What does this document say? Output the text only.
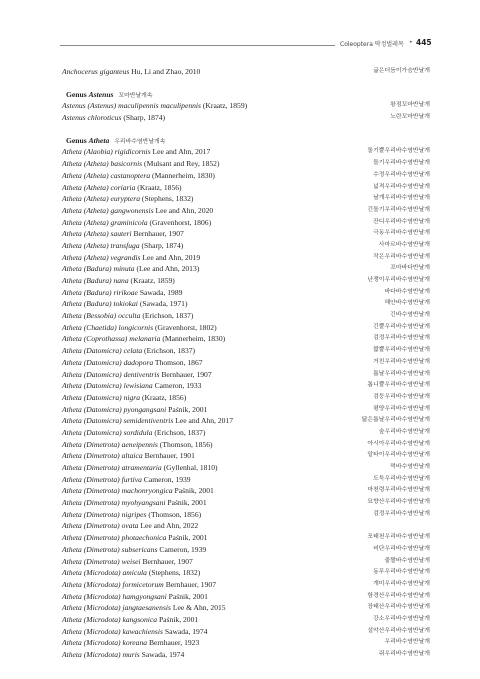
Coleoptera 딱정벌레목 • 445
Anchocerus giganteus Hu, Li and Zhao, 2010	긂은더듬이가슴반날개
Genus Astenus 꼬마반날개속
Astenus (Astenus) maculipennis maculipennis (Kraatz, 1859)	왕점꼬마반날개
Astenus chloroticus (Sharp, 1874)	노란꼬마반날개
Genus Atheta 우리바수염반날개속
Atheta (Alaobia) rigidicornis Lee and Ahn, 2017	돌기뿔우리바수염반날개
Atheta (Atheta) basicornis (Mulsant and Rey, 1852)	돌기우리바수염반날개
Atheta (Atheta) castanoptera (Mannerheim, 1830)	수정우리바수염반날개
Atheta (Atheta) coriaria (Kraatz, 1856)	넓적우리바수염반날개
Atheta (Atheta) euryptera (Stephens, 1832)	날개우리바수염반날개
Atheta (Atheta) gangwonensis Lee and Ahn, 2020	긴돌기우리바수염반날개
Atheta (Atheta) graminicola (Gravenhorst, 1806)	잔디우리바수염반날개
Atheta (Atheta) sauteri Bernhauer, 1907	극동우리바수염반날개
Atheta (Atheta) transfuga (Sharp, 1874)	사마르바수염반날개
Atheta (Atheta) vegrandis Lee and Ahn, 2019	작은우리바수염반날개
Atheta (Badura) minuta (Lee and Ahn, 2013)	꼬마바다반날개
Atheta (Badura) nana (Kraatz, 1859)	난쟁이우리바수염반날개
Atheta (Badura) ririkoae Sawada, 1989	바다바수염반날개
Atheta (Badura) tokiokai (Sawada, 1971)	해안바수염반날개
Atheta (Bessobia) occulta (Erichson, 1837)	긴바수염반날개
Atheta (Chaetida) longicornis (Gravenhorst, 1802)	긴뿔우리바수염반날개
Atheta (Coprothassa) melanaria (Mannerheim, 1830)	검정우리바수염반날개
Atheta (Datomicra) celata (Erichson, 1837)	짧뿔우리바수염반날개
Atheta (Datomicra) dadopora Thomson, 1867	거친우리바수염반날개
Atheta (Datomicra) dentiventris Bernhauer, 1907	톱날우리바수염반날개
Atheta (Datomicra) lewisiana Cameron, 1933	톱니뿔우리바수염반날개
Atheta (Datomicra) nigra (Kraatz, 1856)	검둥우리바수염반날개
Atheta (Datomicra) pyongangsani Paśnik, 2001	평양우리바수염반날개
Atheta (Datomicra) semidentiventris Lee and Ahn, 2017	닮은톱날우리바수염반날개
Atheta (Datomicra) sordidula (Erichson, 1837)	숲우리바수염반날개
Atheta (Dimetrota) aeneipennis (Thomson, 1856)	아시아우리바수염반날개
Atheta (Dimetrota) altaica Bernhauer, 1901	알타이우리바수염반날개
Atheta (Dimetrota) atramentaria (Gyllenhal, 1810)	먹바수염반날개
Atheta (Dimetrota) furtiva Cameron, 1939	도둑우리바수염반날개
Atheta (Dimetrota) machonryongica Paśnik, 2001	마천령우리바수염반날개
Atheta (Dimetrota) myohyangsani Paśnik, 2001	묘향산우리바수염반날개
Atheta (Dimetrota) nigripes (Thomson, 1856)	검정우리바수염반날개
Atheta (Dimetrota) ovata Lee and Ahn, 2022
Atheta (Dimetrota) photaechonica Paśnik, 2001	포태천우리바수염반날개
Atheta (Dimetrota) subsericans Cameron, 1939	비단우리바수염반날개
Atheta (Dimetrota) weisei Bernhauer, 1907	줄짤바수염반날개
Atheta (Microdota) amicula (Stephens, 1832)	동무우리바수염반날개
Atheta (Microdota) formicetorum Bernhauer, 1907	개미우리바수염반날개
Atheta (Microdota) hamgyongsani Paśnik, 2001	함경산우리바수염반날개
Atheta (Microdota) jangtaesanensis Lee & Ahn, 2015	장태산우리바수염반날개
Atheta (Microdota) kangsonica Paśnik, 2001	강소우리바수염반날개
Atheta (Microdota) kawachiensis Sawada, 1974	설악산우리바수염반날개
Atheta (Microdota) koreana Bernhauer, 1923	우리바수염반날개
Atheta (Microdota) muris Sawada, 1974	쥐우리바수염반날개
